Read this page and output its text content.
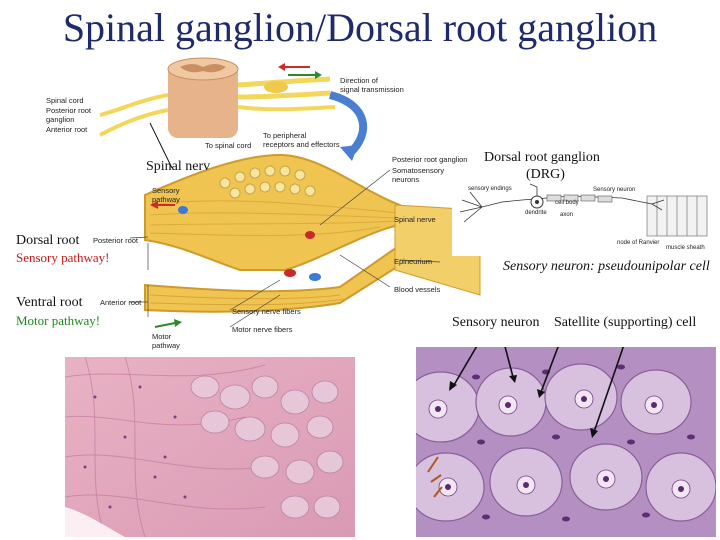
Spinal ganglion/Dorsal root ganglion
Spinal cord
Posterior root
ganglion
Anterior root
To spinal cord
Direction of
signal transmission
To peripheral
receptors and effectors
Spinal nerv	Posterior root ganglion
Somatosensory
neurons
Sensory
pathway
Posterior root
Spinal nerve
Epineurium
Blood vessels
Anterior root
Sensory nerve fibers
Motor nerve fibers
Motor
pathway
Dorsal root
Sensory pathway!
Ventral root
Motor pathway!
Dorsal root ganglion
(DRG)
Sensory neuron
sensory endings
cell body
axon
dendrite
node of Ranvier
muscle sheath
Sensory neuron: pseudounipolar cell
Sensory neuron Satellite (supporting) cell
